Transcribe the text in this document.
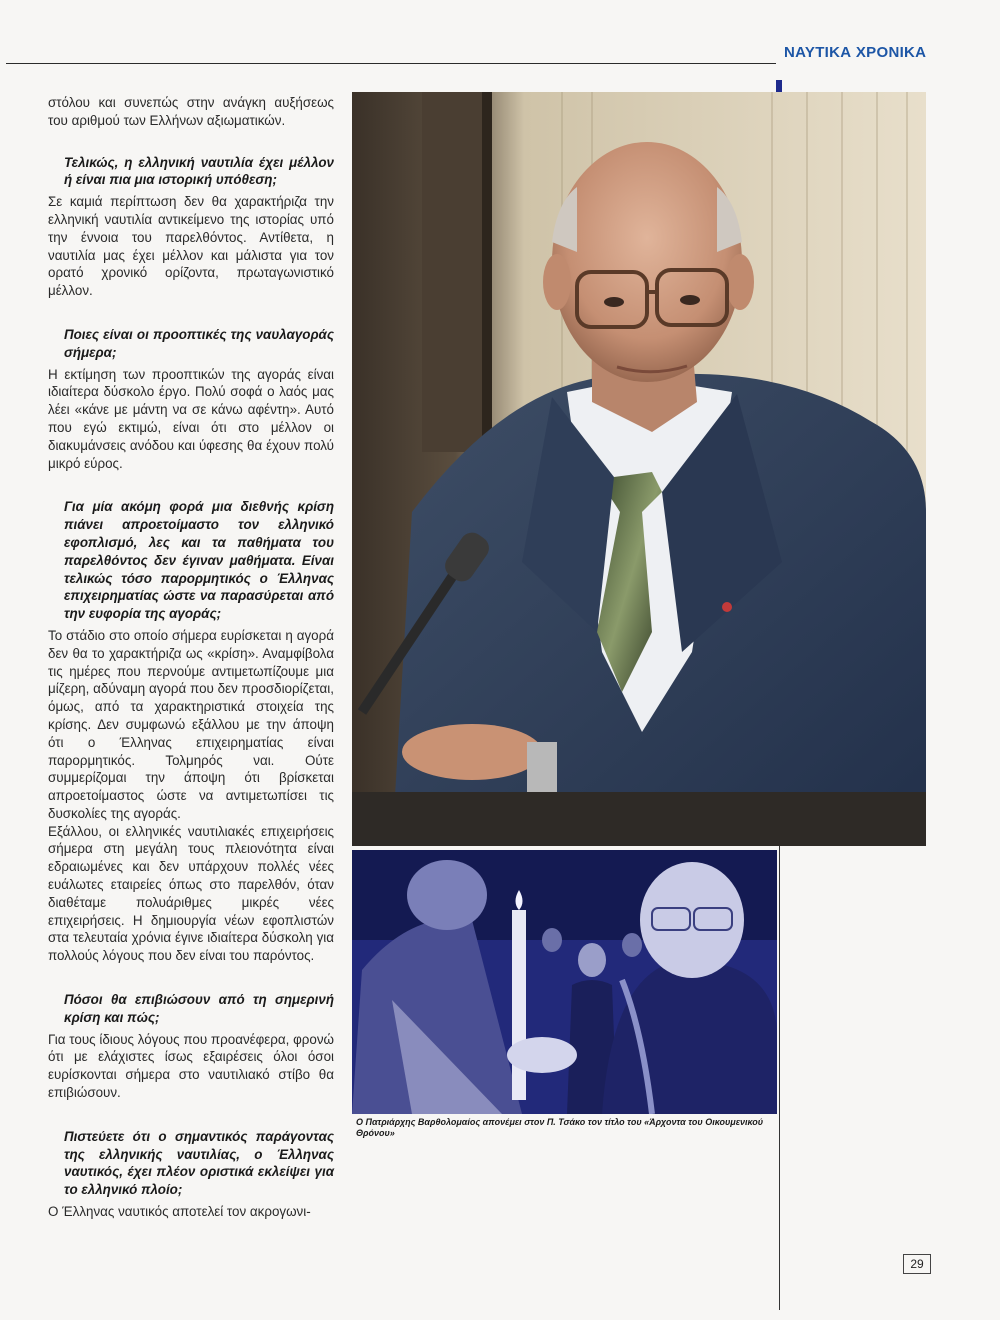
ΝΑΥΤΙΚΑ ΧΡΟΝΙΚΑ

στόλου και συνεπώς στην ανάγκη αυξήσεως του αριθμού των Ελλήνων αξιωματικών.

Τελικώς, η ελληνική ναυτιλία έχει μέλλον ή είναι πια μια ιστορική υπόθεση;

Σε καμιά περίπτωση δεν θα χαρακτήριζα την ελληνική ναυτιλία αντικείμενο της ιστορίας υπό την έννοια του παρελθόντος. Αντίθετα, η ναυτιλία μας έχει μέλλον και μάλιστα για τον ορατό χρονικό ορίζοντα, πρωταγωνιστικό μέλλον.

Ποιες είναι οι προοπτικές της ναυλαγοράς σήμερα;

Η εκτίμηση των προοπτικών της αγοράς είναι ιδιαίτερα δύσκολο έργο. Πολύ σοφά ο λαός μας λέει «κάνε με μάντη να σε κάνω αφέντη». Αυτό που εγώ εκτιμώ, είναι ότι στο μέλλον οι διακυμάνσεις ανόδου και ύφεσης θα έχουν πολύ μικρό εύρος.

Για μία ακόμη φορά μια διεθνής κρίση πιάνει απροετοίμαστο τον ελληνικό εφοπλισμό, λες και τα παθήματα του παρελθόντος δεν έγιναν μαθήματα. Είναι τελικώς τόσο παρορμητικός ο Έλληνας επιχειρηματίας ώστε να παρασύρεται από την ευφορία της αγοράς;

Το στάδιο στο οποίο σήμερα ευρίσκεται η αγορά δεν θα το χαρακτήριζα ως «κρίση». Αναμφίβολα τις ημέρες που περνούμε αντιμετωπίζουμε μια μίζερη, αδύναμη αγορά που δεν προσδιορίζεται, όμως, από τα χαρακτηριστικά στοιχεία της κρίσης. Δεν συμφωνώ εξάλλου με την άποψη ότι ο Έλληνας επιχειρηματίας είναι παρορμητικός. Τολμηρός ναι. Ούτε συμμερίζομαι την άποψη ότι βρίσκεται απροετοίμαστος ώστε να αντιμετωπίσει τις δυσκολίες της αγοράς.

Εξάλλου, οι ελληνικές ναυτιλιακές επιχειρήσεις σήμερα στη μεγάλη τους πλειονότητα είναι εδραιωμένες και δεν υπάρχουν πολλές νέες ευάλωτες εταιρείες όπως στο παρελθόν, όταν διαθέταμε πολυάριθμες μικρές νέες επιχειρήσεις. Η δημιουργία νέων εφοπλιστών στα τελευταία χρόνια έγινε ιδιαίτερα δύσκολη για πολλούς λόγους που δεν είναι του παρόντος.

Πόσοι θα επιβιώσουν από τη σημερινή κρίση και πώς;

Για τους ίδιους λόγους που προανέφερα, φρονώ ότι με ελάχιστες ίσως εξαιρέσεις όλοι όσοι ευρίσκονται σήμερα στο ναυτιλιακό στίβο θα επιβιώσουν.

Πιστεύετε ότι ο σημαντικός παράγοντας της ελληνικής ναυτιλίας, ο Έλληνας ναυτικός, έχει πλέον οριστικά εκλείψει για το ελληνικό πλοίο;

Ο Έλληνας ναυτικός αποτελεί τον ακρογωνι-

Ο Πατριάρχης Βαρθολομαίος απονέμει στον Π. Τσάκο τον τίτλο του «Άρχοντα του Οικουμενικού Θρόνου»
29
